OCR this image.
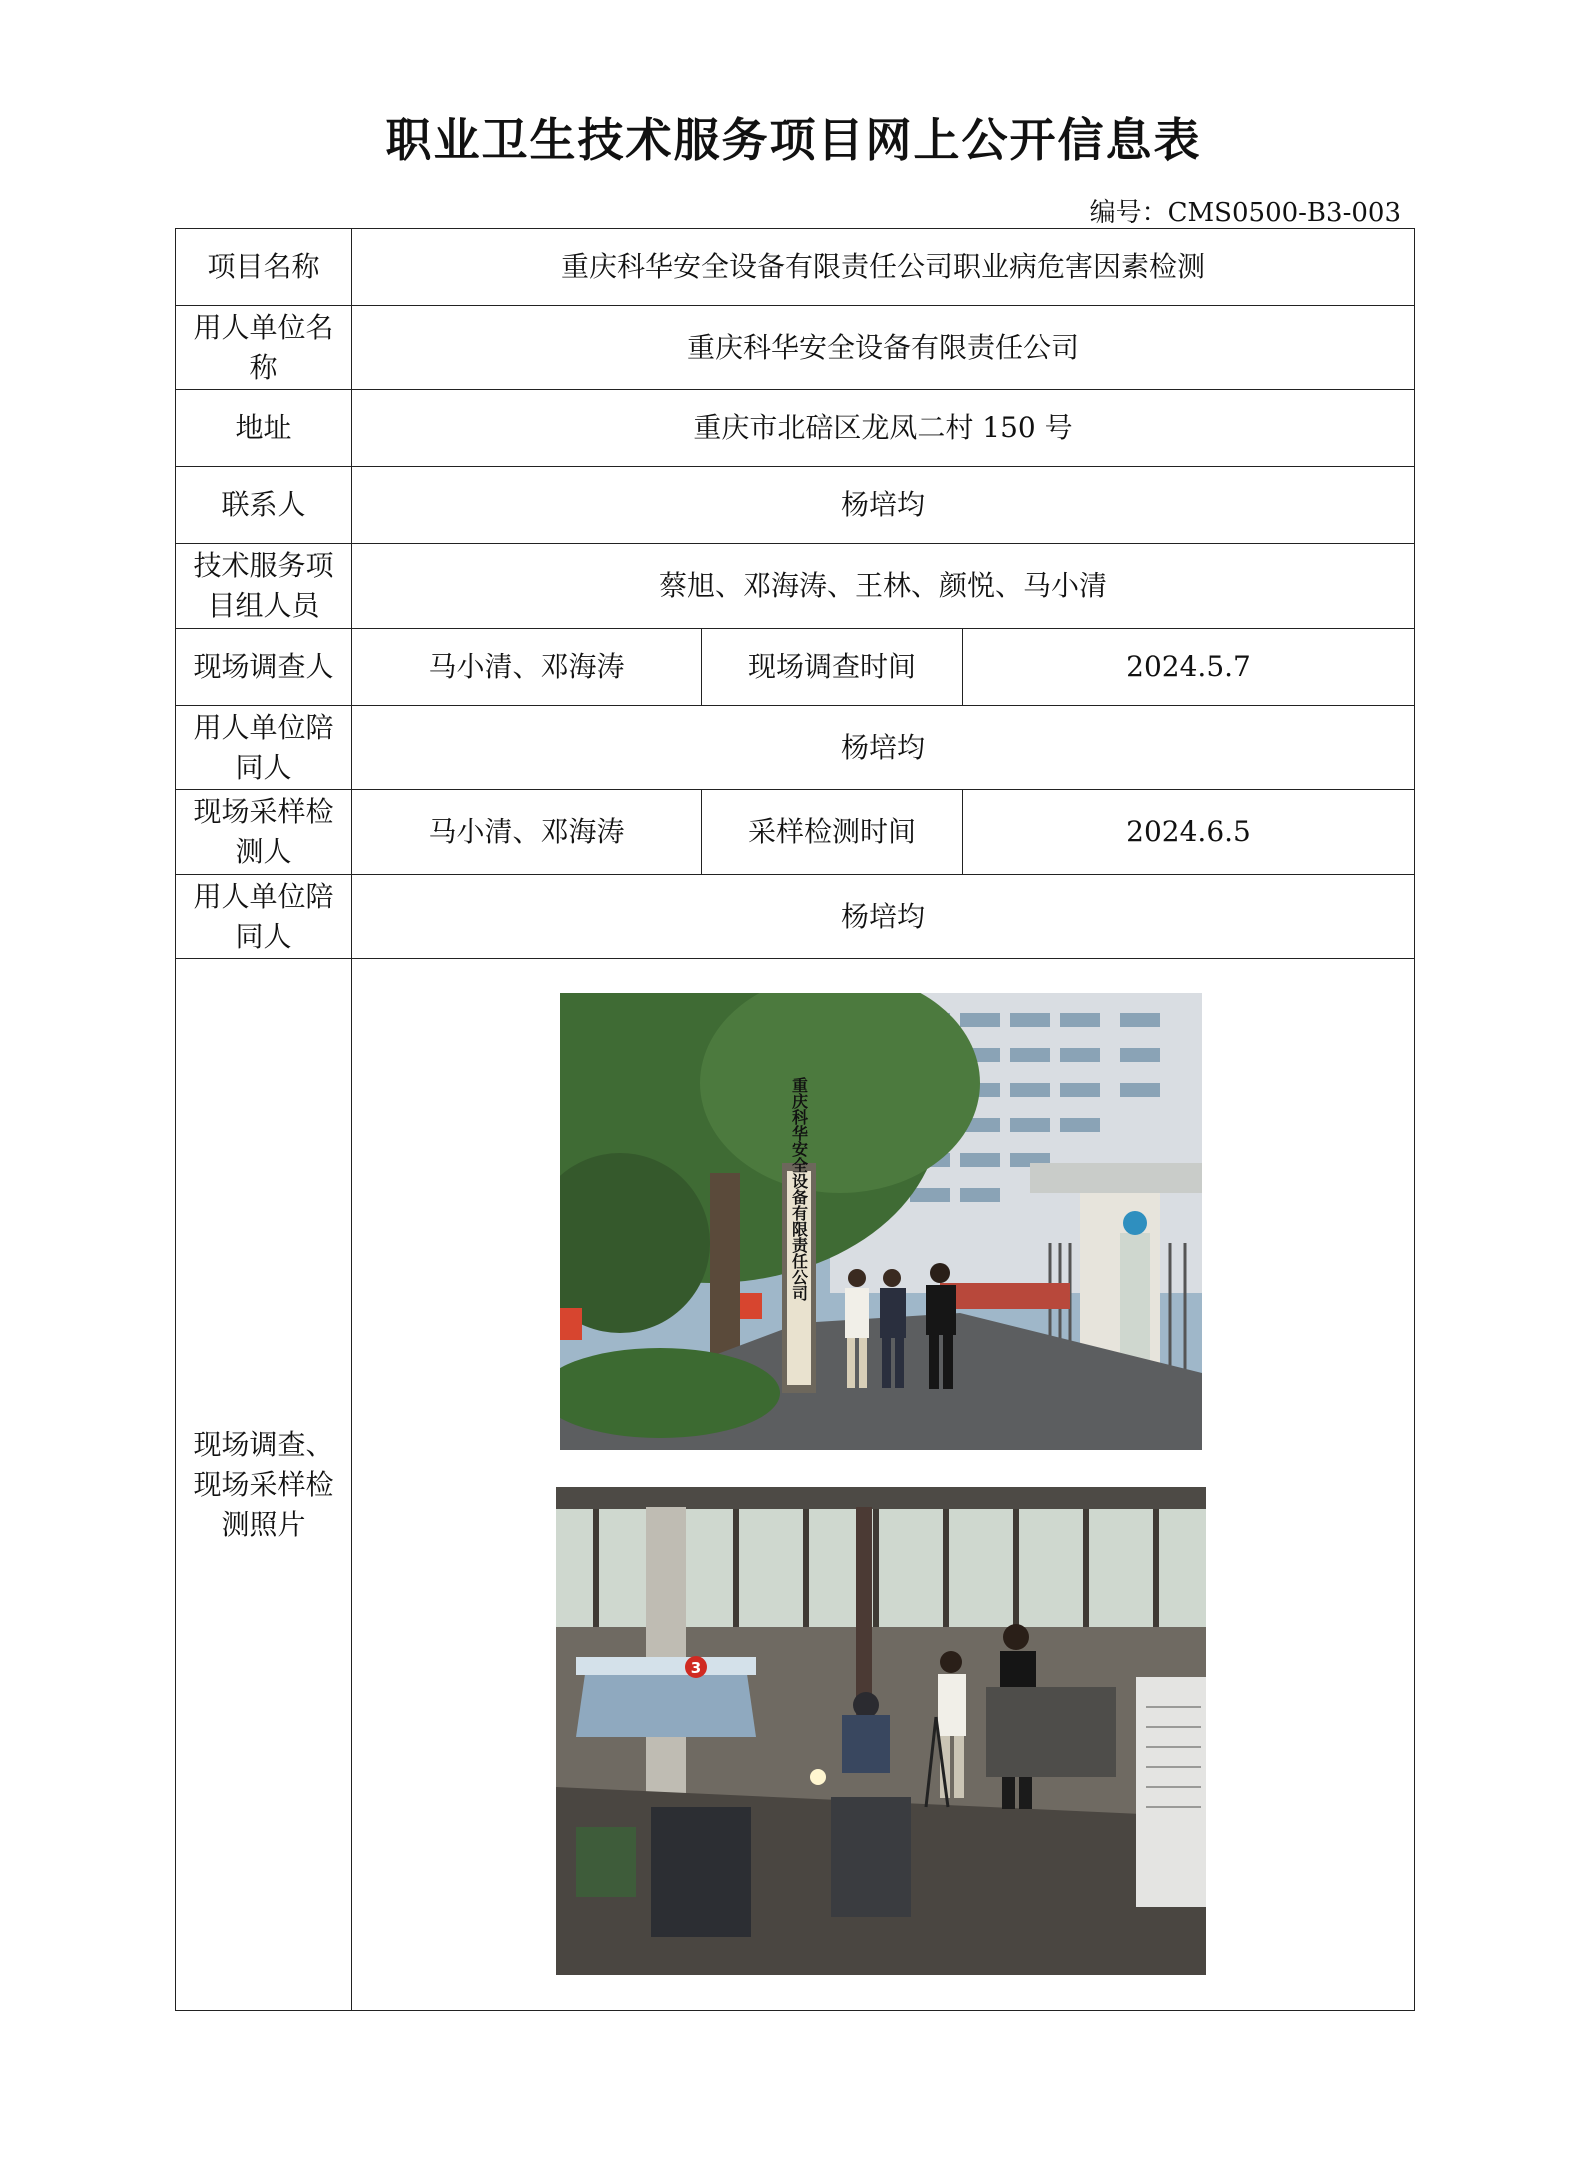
职业卫生技术服务项目网上公开信息表
编号：CMS0500-B3-003
项目名称	重庆科华安全设备有限责任公司职业病危害因素检测		
用人单位名称	重庆科华安全设备有限责任公司		
地址	重庆市北碚区龙凤二村 150 号		
联系人	杨培均		
技术服务项目组人员	蔡旭、邓海涛、王林、颜悦、马小清		
现场调查人	马小清、邓海涛	现场调查时间	2024.5.7
用人单位陪同人	杨培均		
现场采样检测人	马小清、邓海涛	采样检测时间	2024.6.5
用人单位陪同人	杨培均		
现场调查、现场采样检测照片	重庆科华安全设备有限责任公司
3		
